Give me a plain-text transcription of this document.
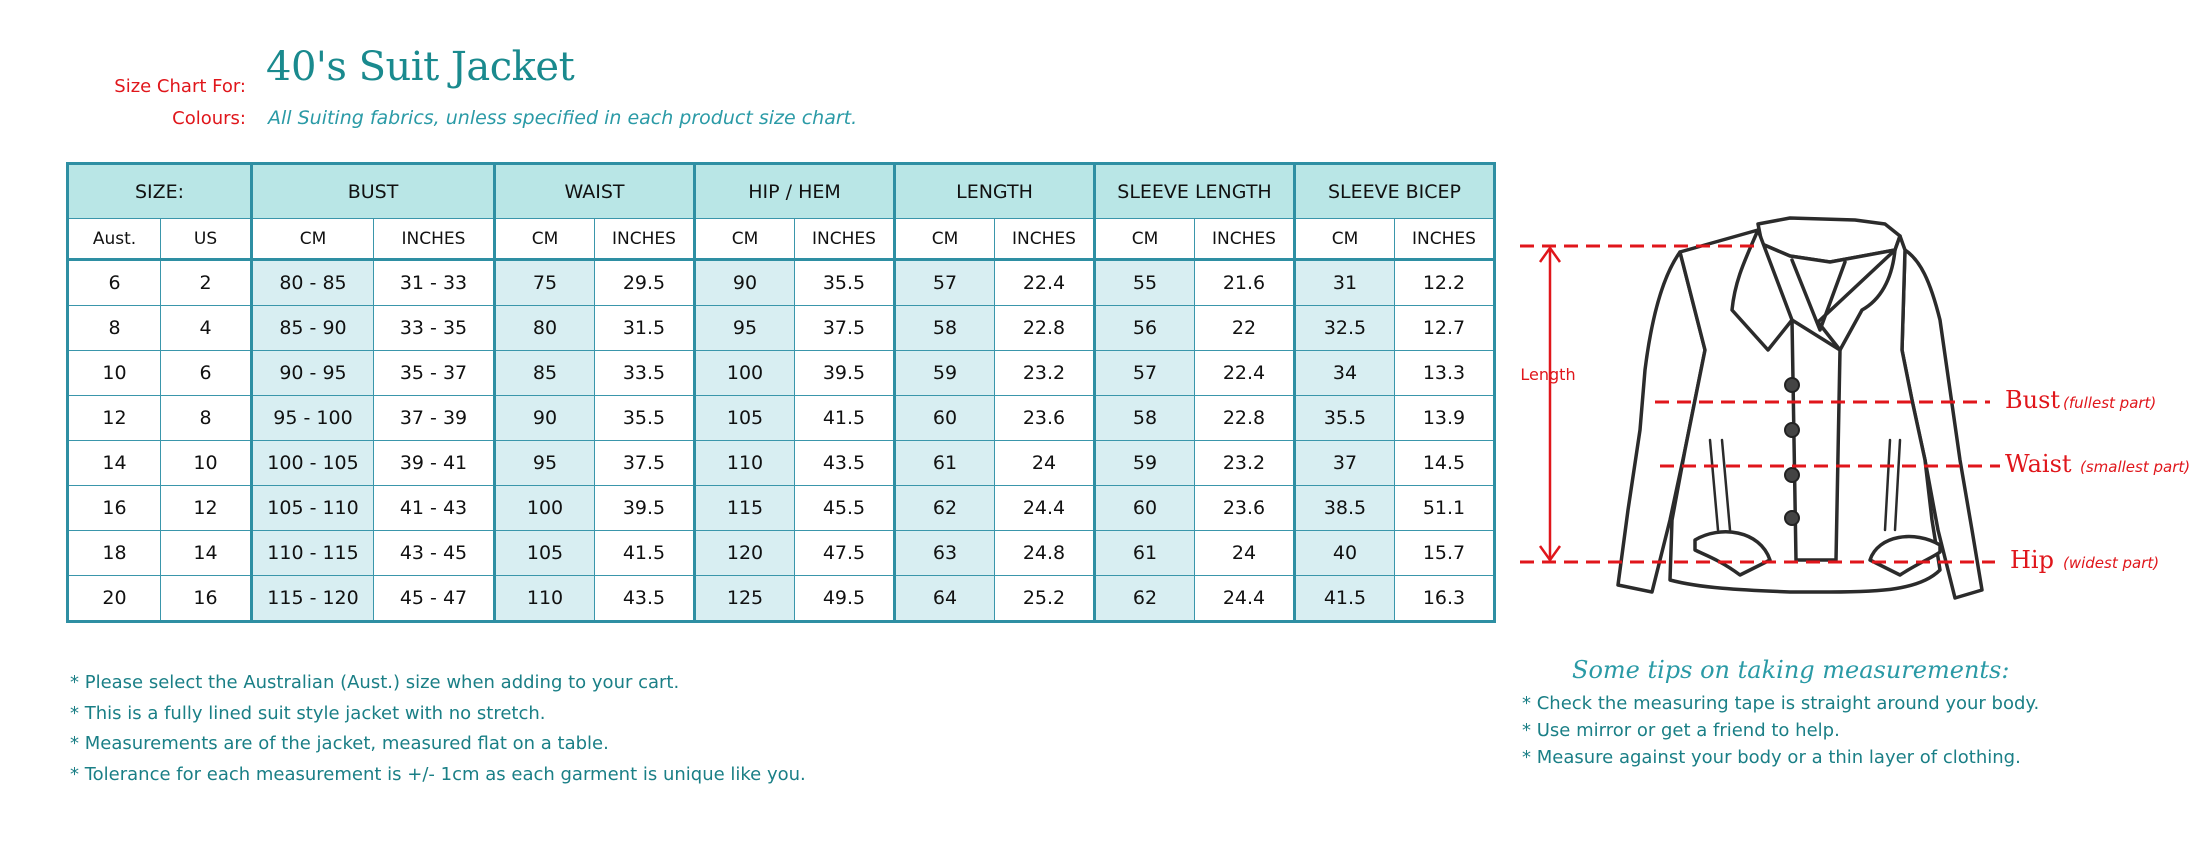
Size Chart For: 40's Suit Jacket
Colours: All Suiting fabrics, unless specified in each product size chart.
SIZE:		BUST		WAIST		HIP / HEM		LENGTH		SLEEVE LENGTH		SLEEVE BICEP	
Aust.	US	CM	INCHES	CM	INCHES	CM	INCHES	CM	INCHES	CM	INCHES	CM	INCHES
6	2	80 - 85	31 - 33	75	29.5	90	35.5	57	22.4	55	21.6	31	12.2
8	4	85 - 90	33 - 35	80	31.5	95	37.5	58	22.8	56	22	32.5	12.7
10	6	90 - 95	35 - 37	85	33.5	100	39.5	59	23.2	57	22.4	34	13.3
12	8	95 - 100	37 - 39	90	35.5	105	41.5	60	23.6	58	22.8	35.5	13.9
14	10	100 - 105	39 - 41	95	37.5	110	43.5	61	24	59	23.2	37	14.5
16	12	105 - 110	41 - 43	100	39.5	115	45.5	62	24.4	60	23.6	38.5	51.1
18	14	110 - 115	43 - 45	105	41.5	120	47.5	63	24.8	61	24	40	15.7
20	16	115 - 120	45 - 47	110	43.5	125	49.5	64	25.2	62	24.4	41.5	16.3
* Please select the Australian (Aust.) size when adding to your cart.
* This is a fully lined suit style jacket with no stretch.
* Measurements are of the jacket, measured flat on a table.
* Tolerance for each measurement is +/- 1cm as each garment is unique like you.
Length
Bust (fullest part)
Waist (smallest part)
Hip (widest part)
Some tips on taking measurements:
* Check the measuring tape is straight around your body.
* Use mirror or get a friend to help.
* Measure against your body or a thin layer of clothing.
